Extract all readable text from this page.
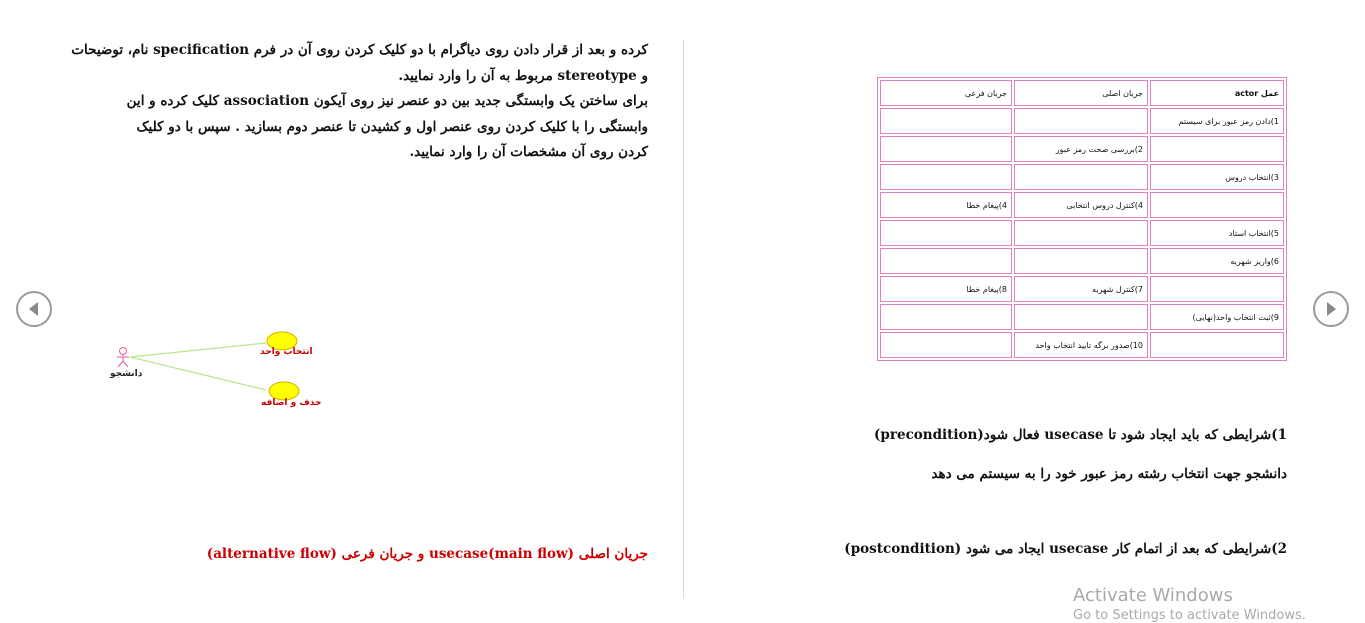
کرده و بعد از قرار دادن روی دیاگرام با دو کلیک کردن روی آن در فرم specification نام، توضیحات و stereotype مربوط به آن را وارد نمایید.
برای ساختن یک وابستگی جدید بین دو عنصر نیز روی آیکون association کلیک کرده و این وابستگی را با کلیک کردن روی عنصر اول و کشیدن تا عنصر دوم بسازید . سپس با دو کلیک کردن روی آن مشخصات آن را وارد نمایید.
دانشجو
انتخاب واحد
حذف و اضافه
جریان اصلی usecase(main flow) و جریان فرعی (alternative flow)
عمل actor	جریان اصلی	جریان فرعی
1)دادن رمز عبور برای سیستم		
	2)بررسی صحت رمز عبور	
3)انتخاب دروس		
	4)کنترل دروس انتخابی	4)پیغام خطا
5)انتخاب استاد		
6)واریز شهریه		
	7)کنترل شهریه	8)پیغام خطا
9)ثبت انتخاب واحد(نهایی)		
	10)صدور برگه تایید انتخاب واحد	
1)شرایطی که باید ایجاد شود تا usecase فعال شود(precondition)
دانشجو جهت انتخاب رشته رمز عبور خود را به سیستم می دهد
2)شرایطی که بعد از اتمام کار usecase ایجاد می شود (postcondition)
Activate Windows
Go to Settings to activate Windows.
